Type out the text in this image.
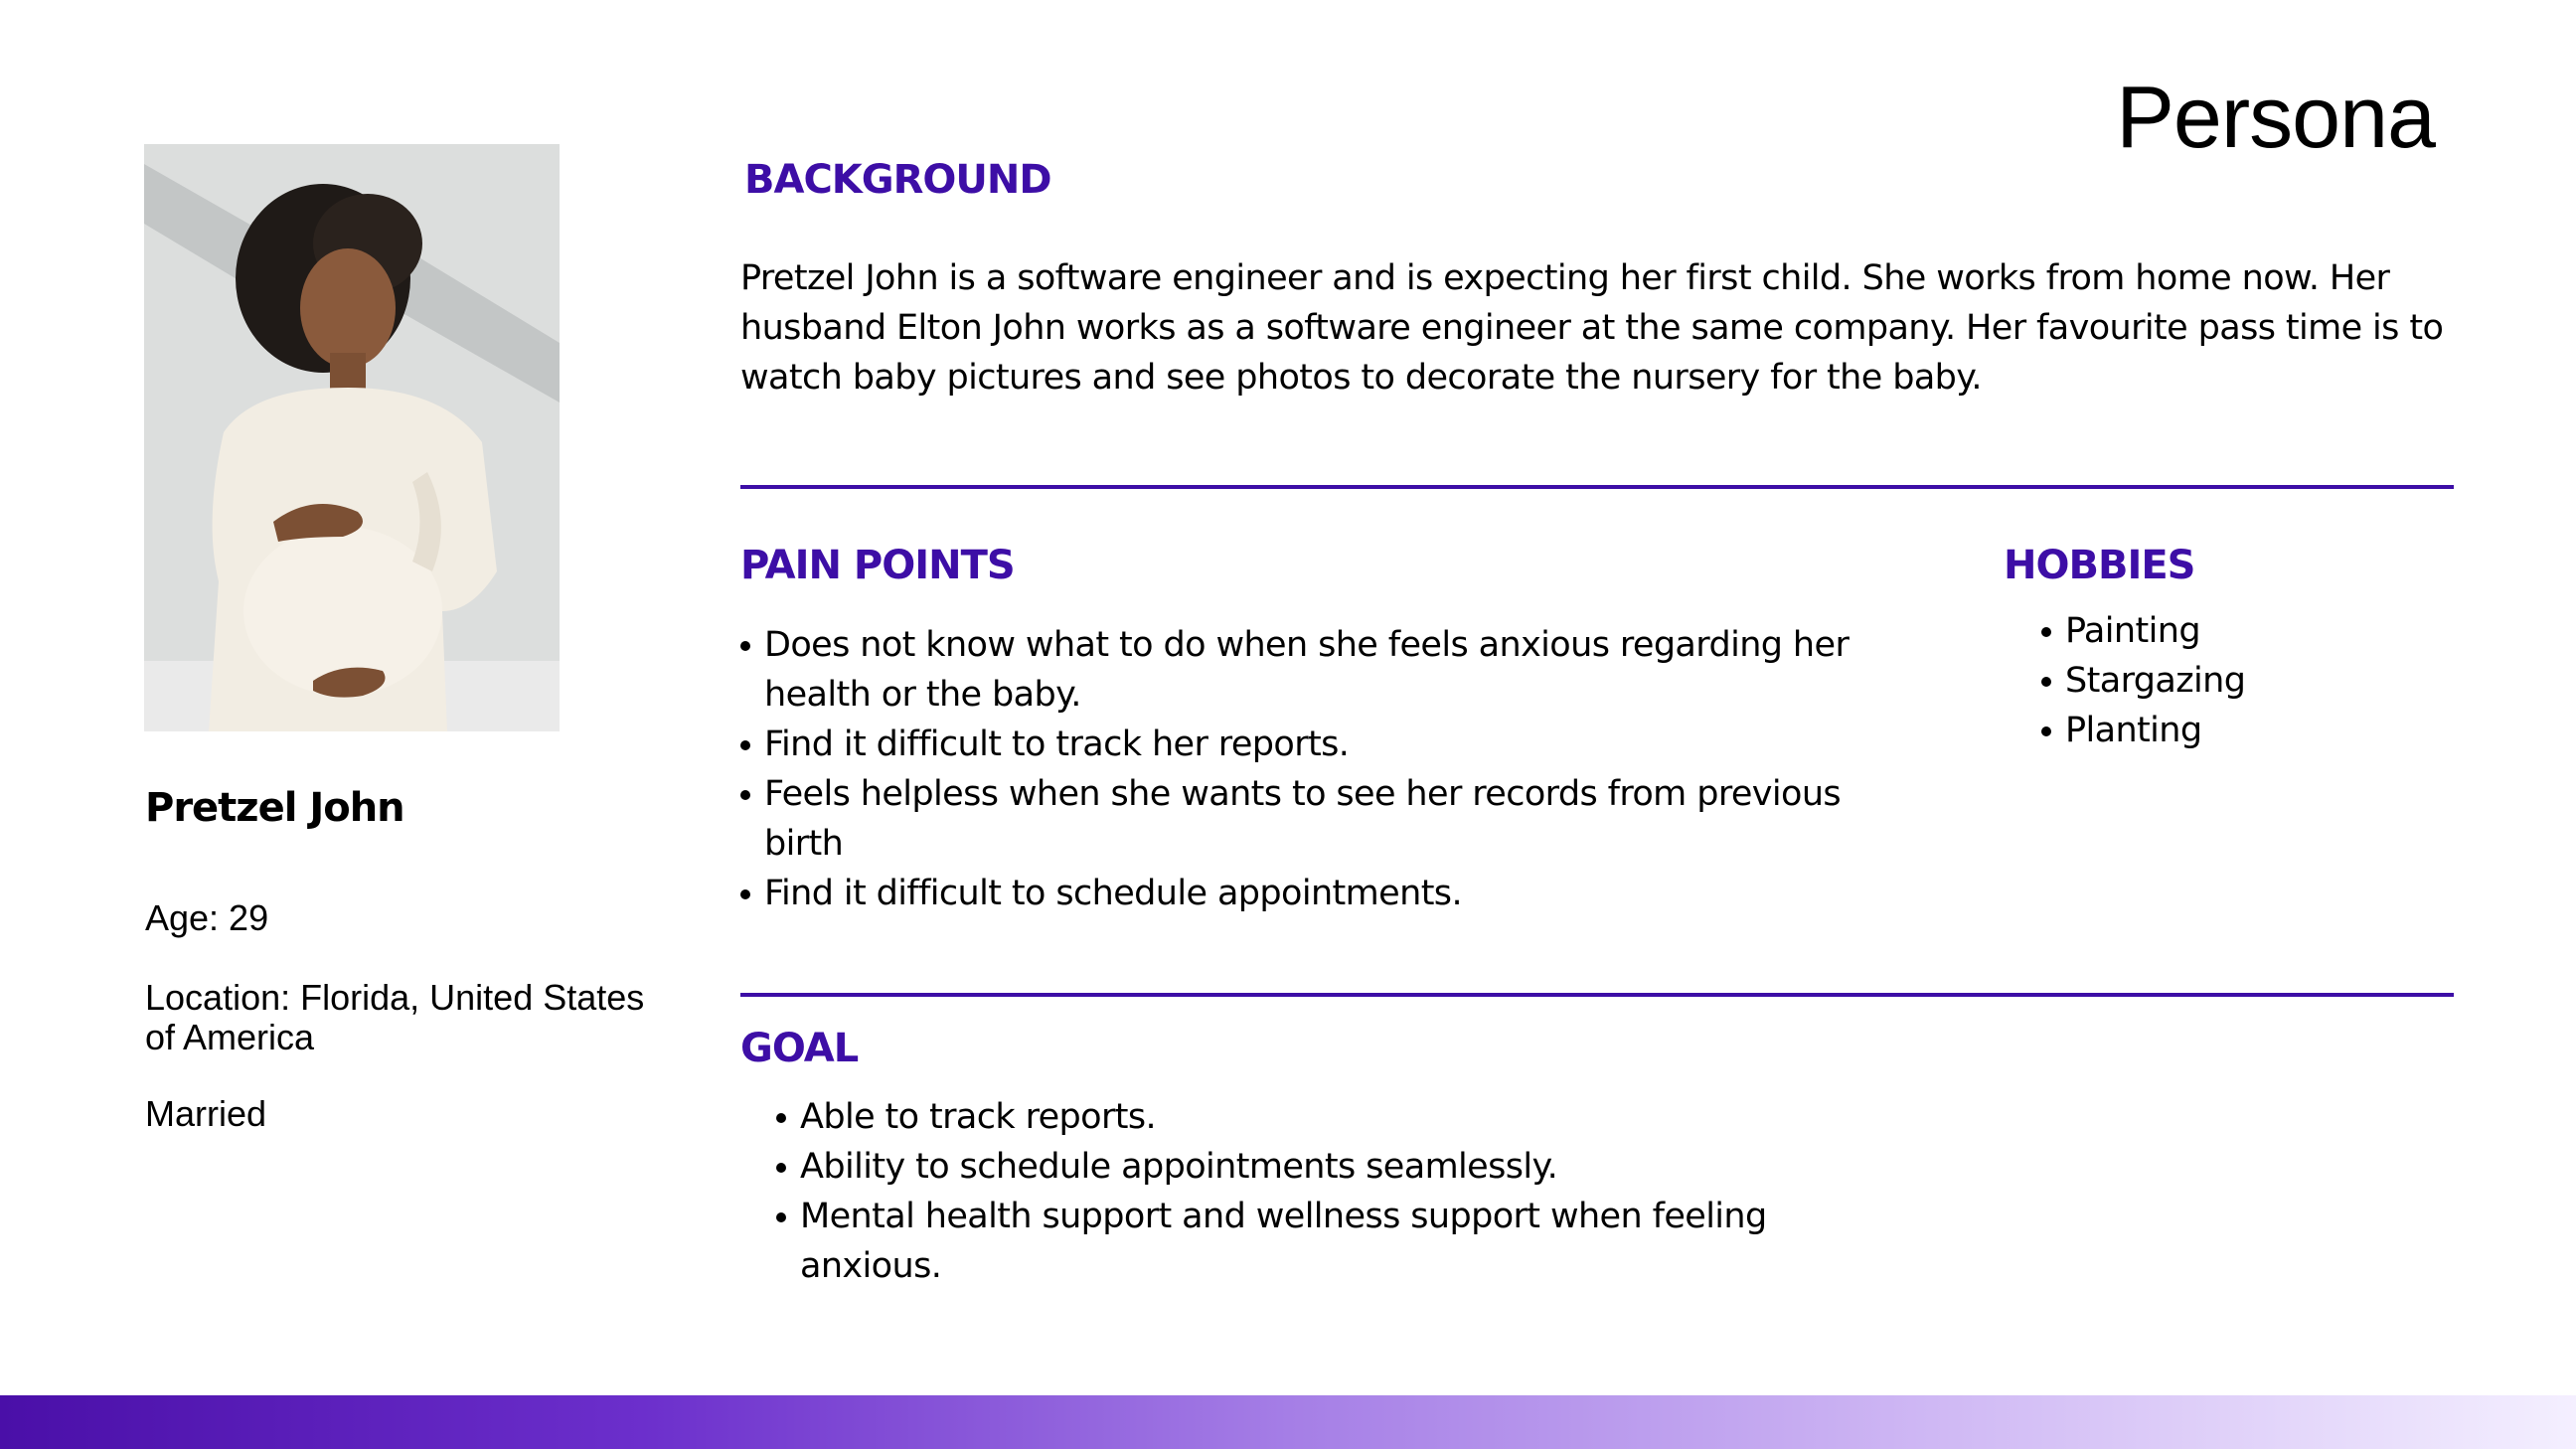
Persona
Pretzel John
Age: 29
Location: Florida, United States of America
Married
BACKGROUND
Pretzel John is a software engineer and is expecting her first child. She works from home now. Her husband Elton John works as a software engineer at the same company. Her favourite pass time is to watch baby pictures and see photos to decorate the nursery for the baby.
PAIN POINTS
Does not know what to do when she feels anxious regarding her health or the baby.
Find it difficult to track her reports.
Feels helpless when she wants to see her records from previous birth
Find it difficult to schedule appointments.
HOBBIES
Painting
Stargazing
Planting
GOAL
Able to track reports.
Ability to schedule appointments seamlessly.
Mental health support and wellness support when feeling anxious.
